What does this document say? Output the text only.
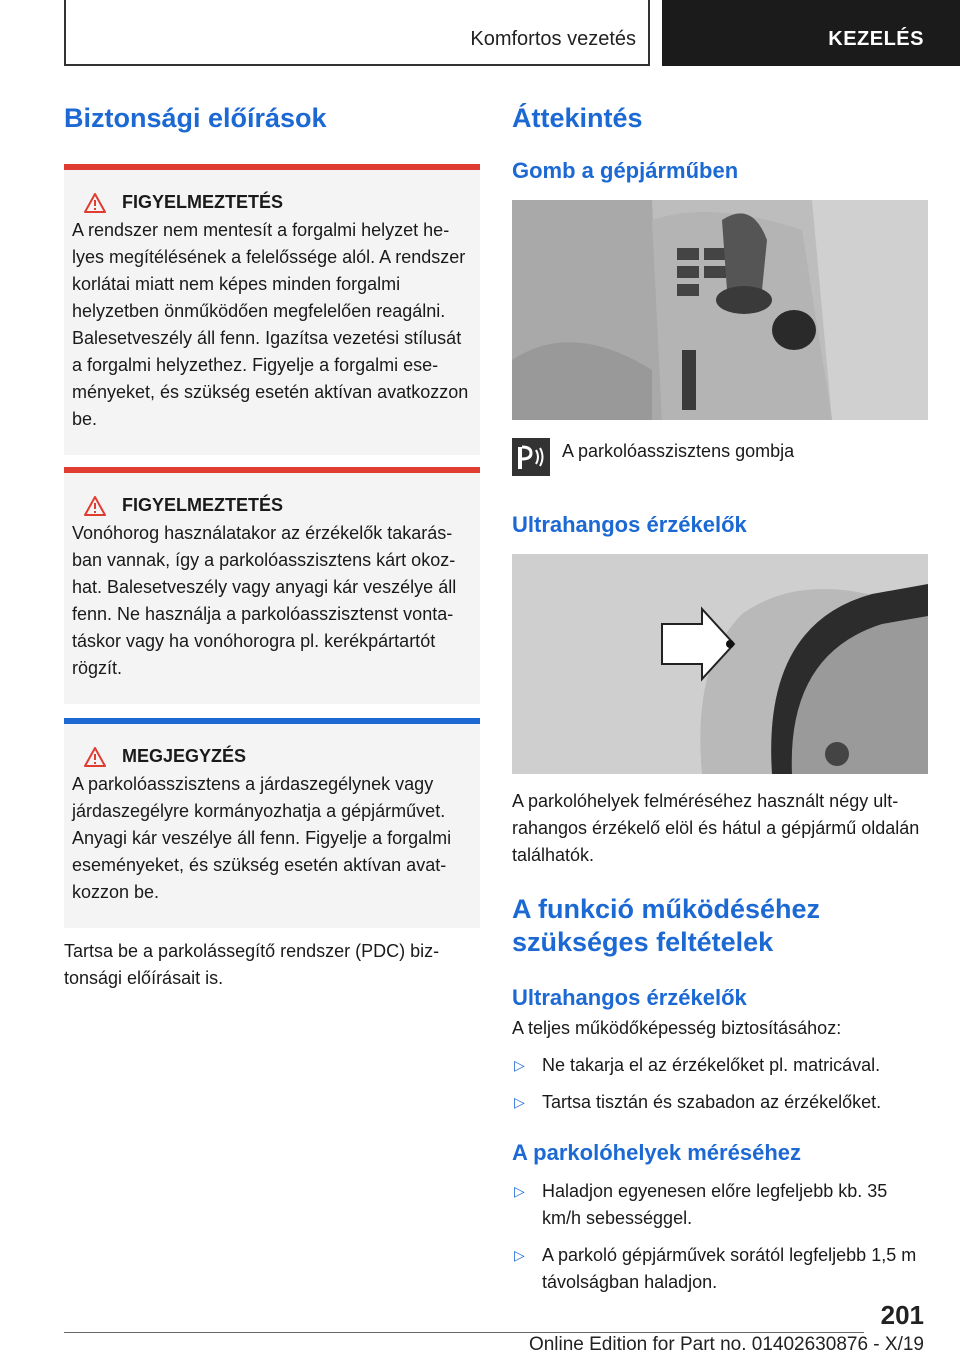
Komfortos vezetés	KEZELÉS
Biztonsági előírások
FIGYELMEZTETÉS
A rendszer nem mentesít a forgalmi helyzet helyes megítélésének a felelőssége alól. A rendszer korlátai miatt nem képes minden forgalmi helyzetben önműködően megfelelően reagálni. Balesetveszély áll fenn. Igazítsa vezetési stílusát a forgalmi helyzethez. Figyelje a forgalmi eseményeket, és szükség esetén aktívan avatkozzon be.
FIGYELMEZTETÉS
Vonóhorog használatakor az érzékelők takarásban vannak, így a parkolóasszisztens kárt okozhat. Balesetveszély vagy anyagi kár veszélye áll fenn. Ne használja a parkolóasszisztenst vontatáskor vagy ha vonóhorogra pl. kerékpártartót rögzít.
MEGJEGYZÉS
A parkolóasszisztens a járdaszegélynek vagy járdaszegélyre kormányozhatja a gépjárművet. Anyagi kár veszélye áll fenn. Figyelje a forgalmi eseményeket, és szükség esetén aktívan avatkozzon be.

Tartsa be a parkolássegítő rendszer (PDC) biztonsági előírásait is.

Áttekintés
Gomb a gépjárműben
A parkolóasszisztens gombja
Ultrahangos érzékelők

A parkolóhelyek felméréséhez használt négy ultrahangos érzékelő elöl és hátul a gépjármű oldalán találhatók.

A funkció működéséhez szükséges feltételek
Ultrahangos érzékelők

A teljes működőképesség biztosításához:

▷ Ne takarja el az érzékelőket pl. matricával.
▷ Tartsa tisztán és szabadon az érzékelőket.
A parkolóhelyek méréséhez
▷ Haladjon egyenesen előre legfeljebb kb. 35 km/h sebességgel.
▷ A parkoló gépjárművek sorától legfeljebb 1,5 m távolságban haladjon.
201
Online Edition for Part no. 01402630876 - X/19
